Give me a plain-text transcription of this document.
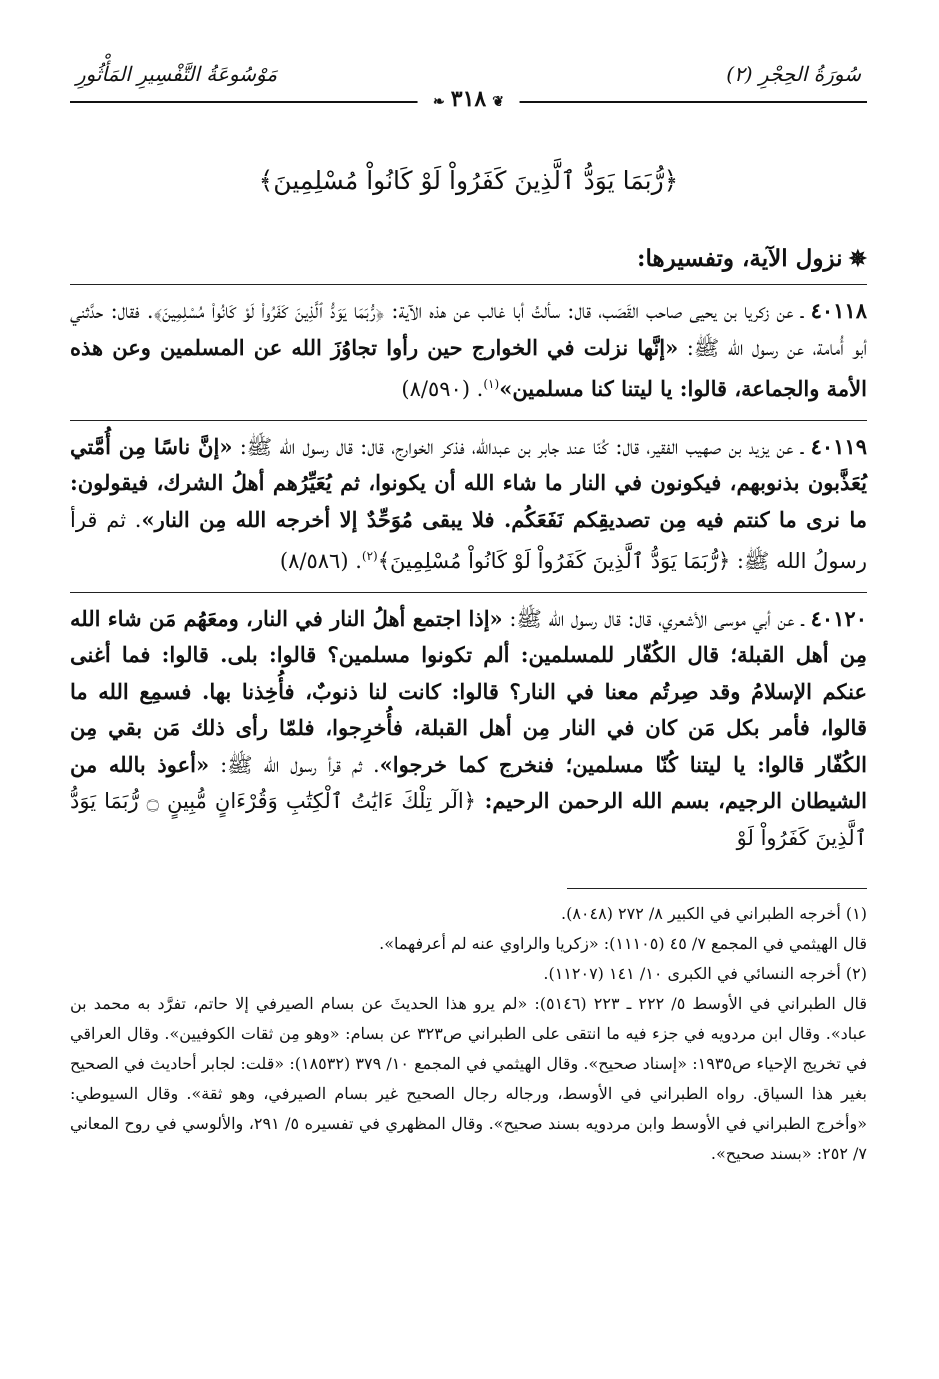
سُورَةُ الحِجْرِ (٢)
مَوْسُوعَةُ التَّفْسِيرِ المَأْثُورِ
❦٣١٨❧
﴿رُّبَمَا يَوَدُّ ٱلَّذِينَ كَفَرُواْ لَوْ كَانُواْ مُسْلِمِينَ﴾
✵نزول الآية، وتفسيرها:

٤٠١١٨ ـ عن زكريا بن يحيى صاحب القَصَب، قال: سألتُ أبا غالب عن هذه الآية: ﴿رُّبَمَا يَوَدُّ ٱلَّذِينَ كَفَرُواْ لَوْ كَانُواْ مُسْلِمِينَ﴾. فقال: حدَّثني أبو أُمامة، عن رسول الله ﷺ: «إنَّها نزلت في الخوارج حين رأوا تجاوُزَ الله عن المسلمين وعن هذه الأمة والجماعة، قالوا: يا ليتنا كنا مسلمين»$^{(١)}$. (٨/٥٩٠)

٤٠١١٩ ـ عن يزيد بن صهيب الفقير، قال: كُنّا عند جابر بن عبدالله، فذكر الخوارج، قال: قال رسول الله ﷺ: «إنَّ ناسًا مِن أُمَّتي يُعَذَّبون بذنوبهم، فيكونون في النار ما شاء الله أن يكونوا، ثم يُعَيِّرُهم أهلُ الشرك، فيقولون: ما نرى ما كنتم فيه مِن تصديقِكم نَفَعَكُم. فلا يبقى مُوَحِّدٌ إلا أخرجه الله مِن النار». ثم قرأ رسولُ الله ﷺ: ﴿رُّبَمَا يَوَدُّ ٱلَّذِينَ كَفَرُواْ لَوْ كَانُواْ مُسْلِمِينَ﴾$^{(٢)}$. (٨/٥٨٦)

٤٠١٢٠ ـ عن أبي موسى الأشعري، قال: قال رسول الله ﷺ: «إذا اجتمع أهلُ النار في النار، ومعَهُم مَن شاء الله مِن أهل القبلة؛ قال الكُفّار للمسلمين: ألم تكونوا مسلمين؟ قالوا: بلى. قالوا: فما أغنى عنكم الإسلامُ وقد صِرتُم معنا في النار؟ قالوا: كانت لنا ذنوبٌ، فأُخِذنا بها. فسمِع الله ما قالوا، فأمر بكل مَن كان في النار مِن أهل القبلة، فأُخرِجوا، فلمّا رأى ذلك مَن بقي مِن الكُفّار قالوا: يا ليتنا كُنّا مسلمين؛ فنخرج كما خرجوا». ثم قرأ رسول الله ﷺ: «أعوذ بالله من الشيطان الرجيم، بسم الله الرحمن الرحيم: ﴿الٓر تِلْكَ ءَايَٰتُ ٱلْكِتَٰبِ وَقُرْءَانٍ مُّبِينٍ ۝ رُّبَمَا يَوَدُّ ٱلَّذِينَ كَفَرُواْ لَوْ

(١) أخرجه الطبراني في الكبير ٨/ ٢٧٢ (٨٠٤٨).

قال الهيثمي في المجمع ٧/ ٤٥ (١١١٠٥): «زكريا والراوي عنه لم أعرفهما».

(٢) أخرجه النسائي في الكبرى ١٠/ ١٤١ (١١٢٠٧).

قال الطبراني في الأوسط ٥/ ٢٢٢ ـ ٢٢٣ (٥١٤٦): «لم يرو هذا الحديثَ عن بسام الصيرفي إلا حاتم، تفرَّد به محمد بن عباد». وقال ابن مردويه في جزء فيه ما انتقى على الطبراني ص٣٢٣ عن بسام: «وهو مِن ثقات الكوفيين». وقال العراقي في تخريج الإحياء ص١٩٣٥: «إسناد صحيح». وقال الهيثمي في المجمع ١٠/ ٣٧٩ (١٨٥٣٢): «قلت: لجابر أحاديث في الصحيح بغير هذا السياق. رواه الطبراني في الأوسط، ورجاله رجال الصحيح غير بسام الصيرفي، وهو ثقة». وقال السيوطي: «وأخرج الطبراني في الأوسط وابن مردويه بسند صحيح». وقال المظهري في تفسيره ٥/ ٢٩١، والألوسي في روح المعاني ٧/ ٢٥٢: «بسند صحيح».
